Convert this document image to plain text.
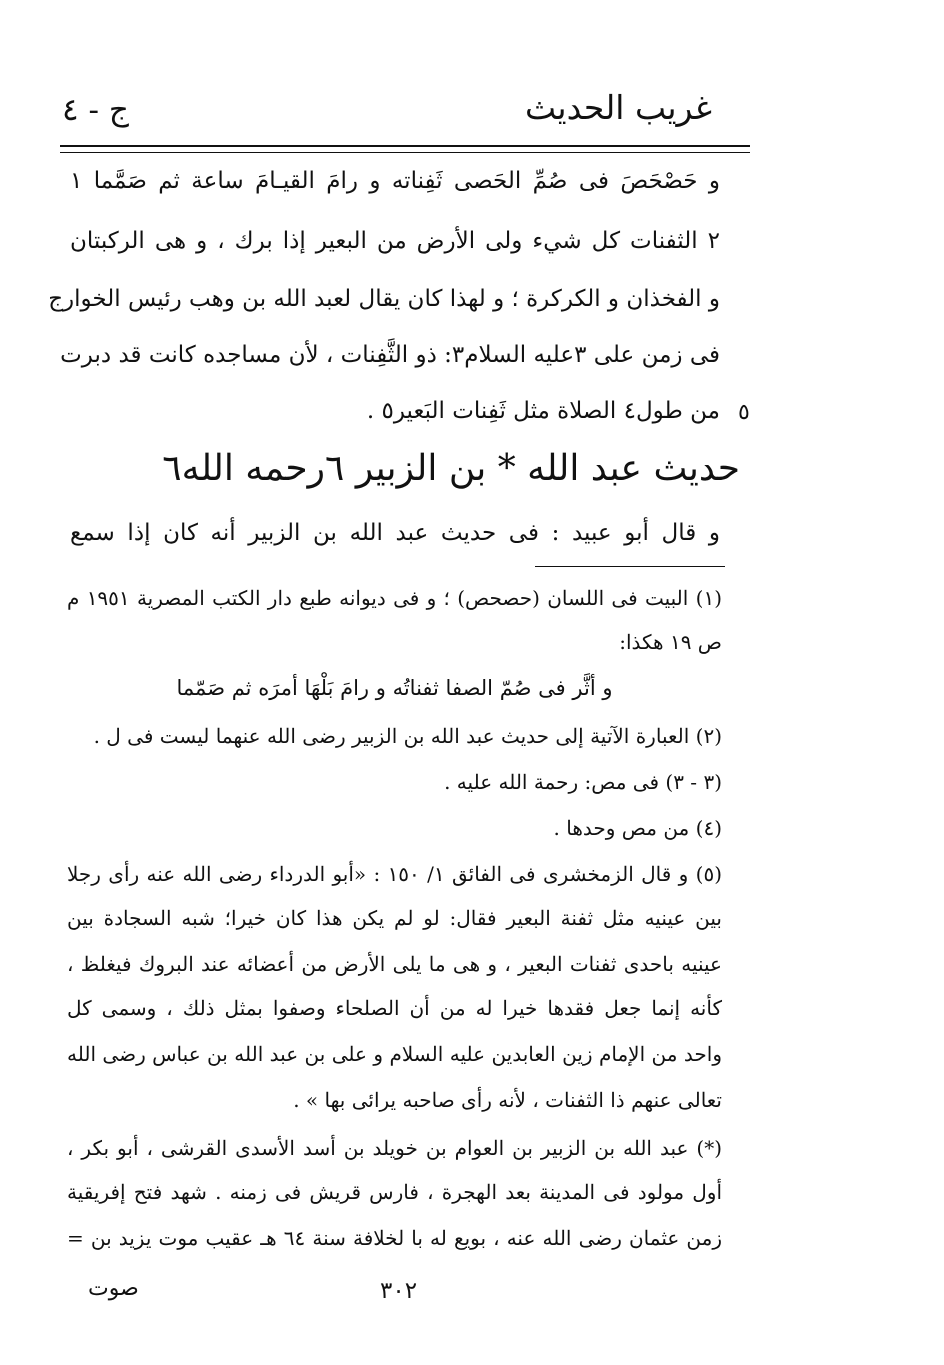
غريب الحديث
ج - ٤
و حَصْحَصَ فى صُمِّ الحَصى ثَفِناته و رامَ القيـامَ ساعة ثم صَمَّما ١
٢ الثفنات كل شيء ولى الأرض من البعير إذا برك ، و هى الركبتان
و الفخذان و الكركرة ؛ و لهذا كان يقال لعبد الله بن وهب رئيس الخوارج
فى زمن على ٣عليه السلام٣: ذو الثَّفِنات ، لأن مساجده كانت قد دبرت
من طول٤ الصلاة مثل ثَفِنات البَعير٥ . ٥
حديث عبد الله * بن الزبير ٦رحمه الله٦
و قال أبو عبيد : فى حديث عبد الله بن الزبير أنه كان إذا سمع
(١) البيت فى اللسان (حصحص) ؛ و فى ديوانه طبع دار الكتب المصرية ١٩٥١ م
ص ١٩ هكذا:
و أثَّر فى صُمّ الصفا ثفناتُه و رامَ بَلْهَا أمرَه ثم صَمّما
(٢) العبارة الآتية إلى حديث عبد الله بن الزبير رضى الله عنهما ليست فى ل .
(٣ - ٣) فى مص: رحمة الله عليه .
(٤) من مص وحدها .
(٥) و قال الزمخشرى فى الفائق ١/ ١٥٠ : «أبو الدرداء رضى الله عنه رأى رجلا
بين عينيه مثل ثفنة البعير فقال: لو لم يكن هذا كان خيرا؛ شبه السجادة بين
عينيه باحدى ثفنات البعير ، و هى ما يلى الأرض من أعضائه عند البروك فيغلظ ،
كأنه إنما جعل فقدها خيرا له من أن الصلحاء وصفوا بمثل ذلك ، وسمى كل
واحد من الإمام زين العابدين عليه السلام و على بن عبد الله بن عباس رضى الله
تعالى عنهم ذا الثفنات ، لأنه رأى صاحبه يرائى بها » .
(*) عبد الله بن الزبير بن العوام بن خويلد بن أسد الأسدى القرشى ، أبو بكر ،
أول مولود فى المدينة بعد الهجرة ، فارس قريش فى زمنه . شهد فتح إفريقية
زمن عثمان رضى الله عنه ، بويع له با لخلافة سنة ٦٤ هـ عقيب موت يزيد بن =
٣٠٢
صوت
